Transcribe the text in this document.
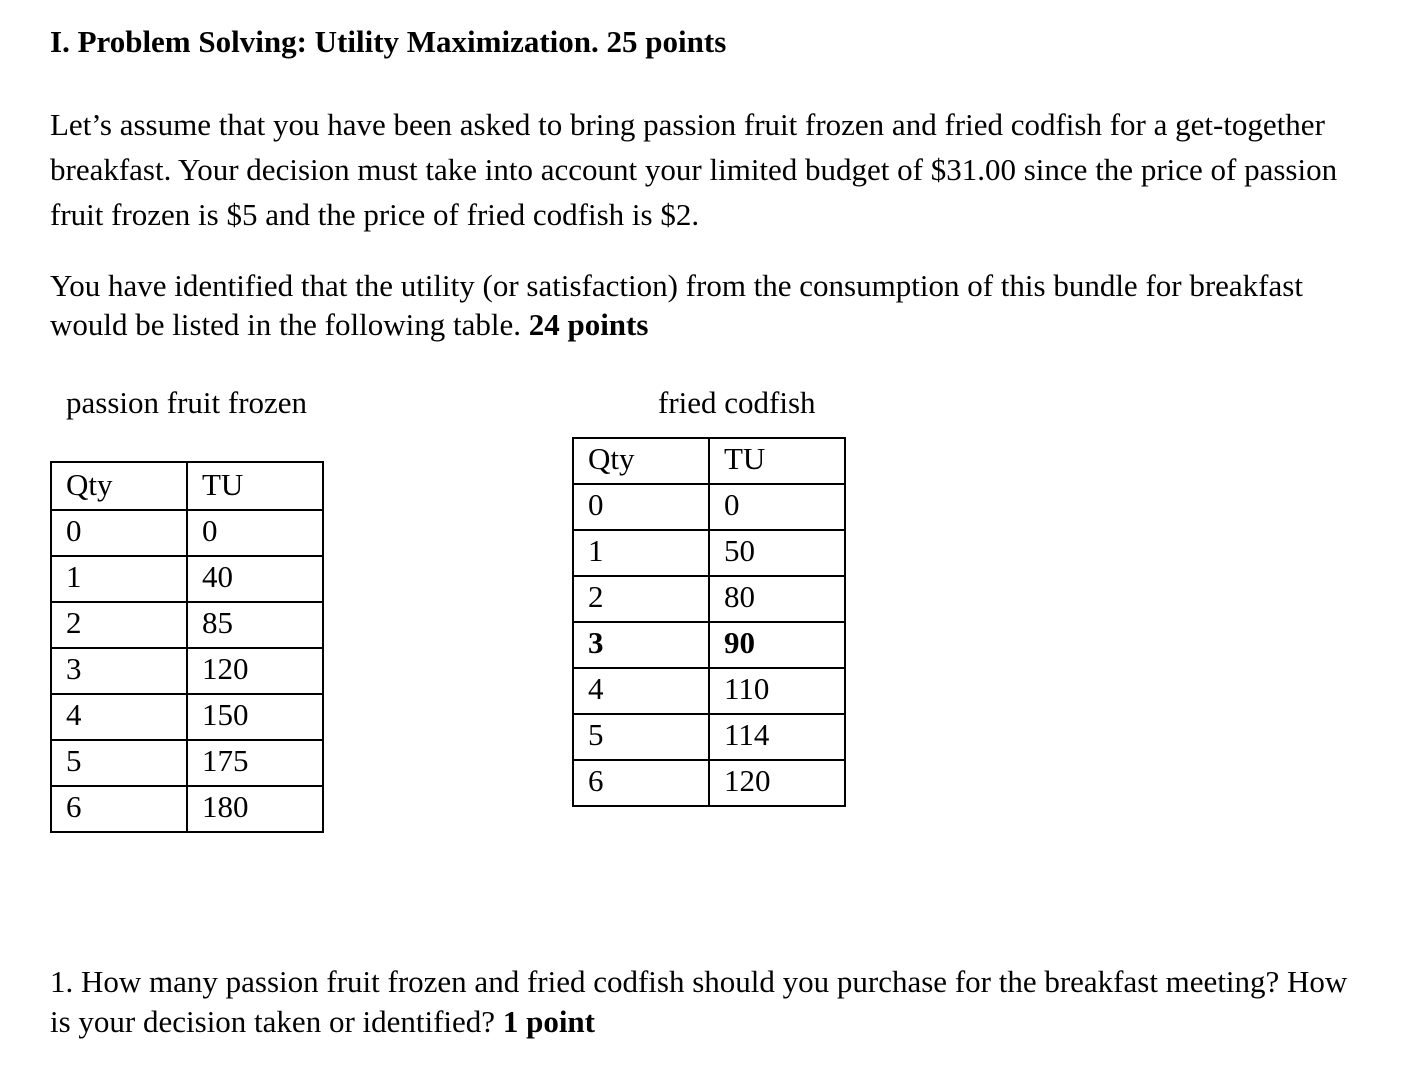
I. Problem Solving: Utility Maximization. 25 points
Let’s assume that you have been asked to bring passion fruit frozen and fried codfish for a get-together breakfast. Your decision must take into account your limited budget of $31.00 since the price of passion fruit frozen is $5 and the price of fried codfish is $2.
You have identified that the utility (or satisfaction) from the consumption of this bundle for breakfast would be listed in the following table. 24 points
passion fruit frozen	fried codfish
Qty	TU
0	0
1	40
2	85
3	120
4	150
5	175
6	180
Qty	TU
0	0
1	50
2	80
3	90
4	110
5	114
6	120
1. How many passion fruit frozen and fried codfish should you purchase for the breakfast meeting? How is your decision taken or identified? 1 point
